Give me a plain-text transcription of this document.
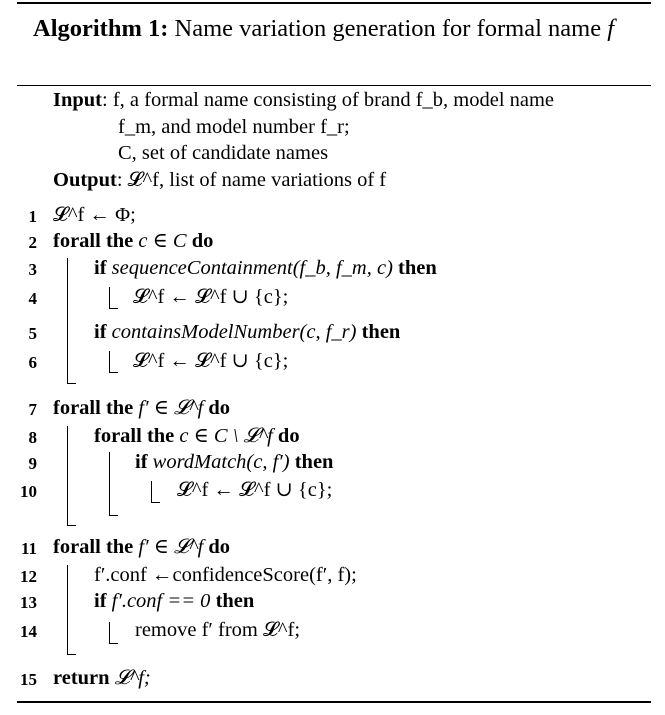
Algorithm 1: Name variation generation for formal name f
Input: f, a formal name consisting of brand f_b, model name
f_m, and model number f_r;
C, set of candidate names
Output: 𝓛^f, list of name variations of f
1 𝓛^f ← Φ;
2 forall the c ∈ C do
3	if sequenceContainment(f_b, f_m, c) then
4	𝓛^f ← 𝓛^f ∪ {c};
5	if containsModelNumber(c, f_r) then
6	𝓛^f ← 𝓛^f ∪ {c};
7 forall the f′ ∈ 𝓛^f do
8	forall the c ∈ C \ 𝓛^f do
9	if wordMatch(c, f′) then
10	𝓛^f ← 𝓛^f ∪ {c};
11 forall the f′ ∈ 𝓛^f do
12	f′.conf ←confidenceScore(f′, f);
13	if f′.conf == 0 then
14	remove f′ from 𝓛^f;
15 return 𝓛^f;
